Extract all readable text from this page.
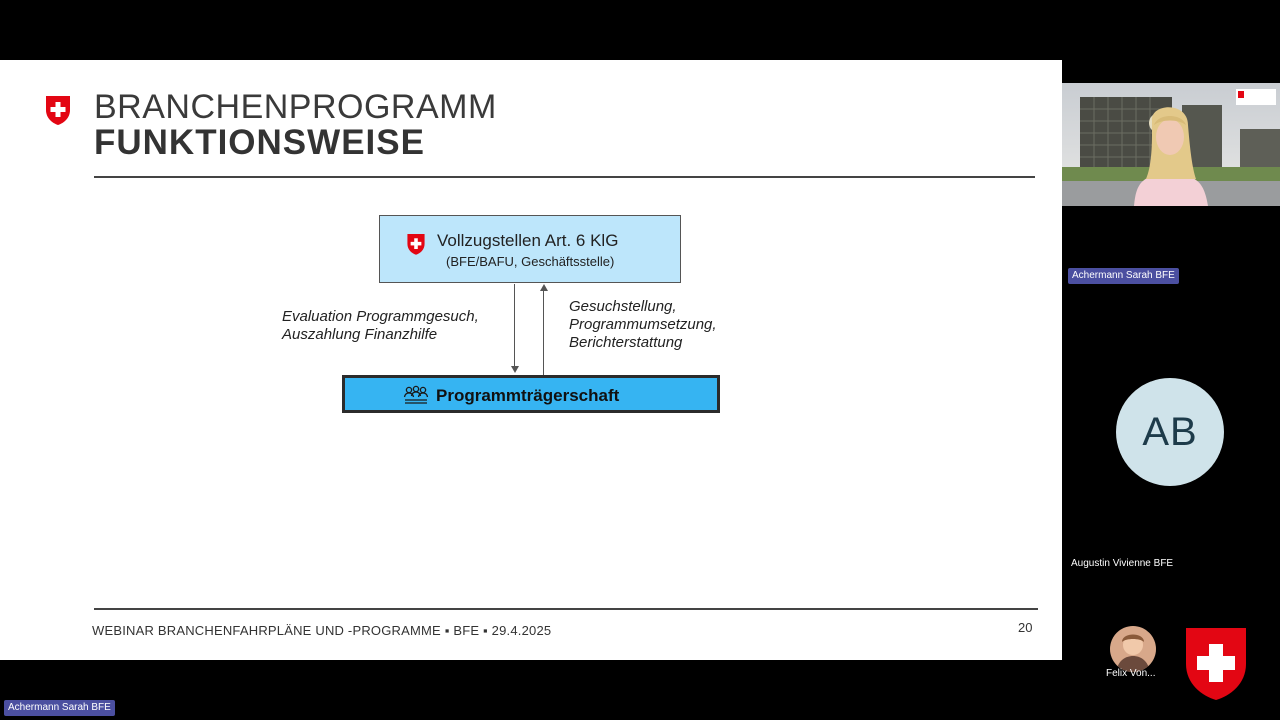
BRANCHENPROGRAMM
FUNKTIONSWEISE
Vollzugstellen Art. 6 KlG
(BFE/BAFU, Geschäftsstelle)
Evaluation Programmgesuch,
Auszahlung Finanzhilfe
Gesuchstellung,
Programmumsetzung,
Berichterstattung
Programmträgerschaft
WEBINAR BRANCHENFAHRPLÄNE UND -PROGRAMME ▪ BFE ▪ 29.4.2025	20
Achermann Sarah BFE
AB
Augustin Vivienne BFE
Felix Von...
Achermann Sarah BFE
